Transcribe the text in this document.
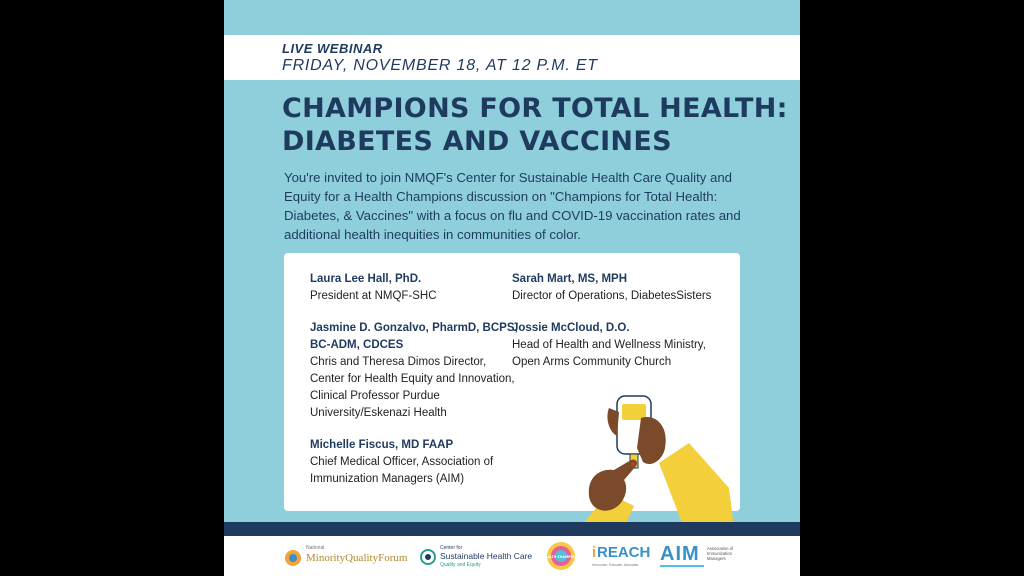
LIVE WEBINAR
FRIDAY, NOVEMBER 18, AT 12 P.M. ET
CHAMPIONS FOR TOTAL HEALTH:
DIABETES AND VACCINES

You're invited to join NMQF's Center for Sustainable Health Care Quality and Equity for a Health Champions discussion on "Champions for Total Health: Diabetes, & Vaccines" with a focus on flu and COVID-19 vaccination rates and additional health inequities in communities of color.

Laura Lee Hall, PhD.
President at NMQF-SHC
Jasmine D. Gonzalvo, PharmD, BCPS, BC-ADM, CDCES
Chris and Theresa Dimos Director, Center for Health Equity and Innovation, Clinical Professor Purdue University/Eskenazi Health
Michelle Fiscus, MD FAAP
Chief Medical Officer, Association of Immunization Managers (AIM)
Sarah Mart, MS, MPH
Director of Operations, DiabetesSisters
Jossie McCloud, D.O.
Head of Health and Wellness Ministry, Open Arms Community Church
National
MinorityQualityForum
Center for
Sustainable Health Care
Quality and Equity
HEALTH CHAMPIONS i REACH
Immunize. Educate. Advocate. AIM Association of Immunization Managers
